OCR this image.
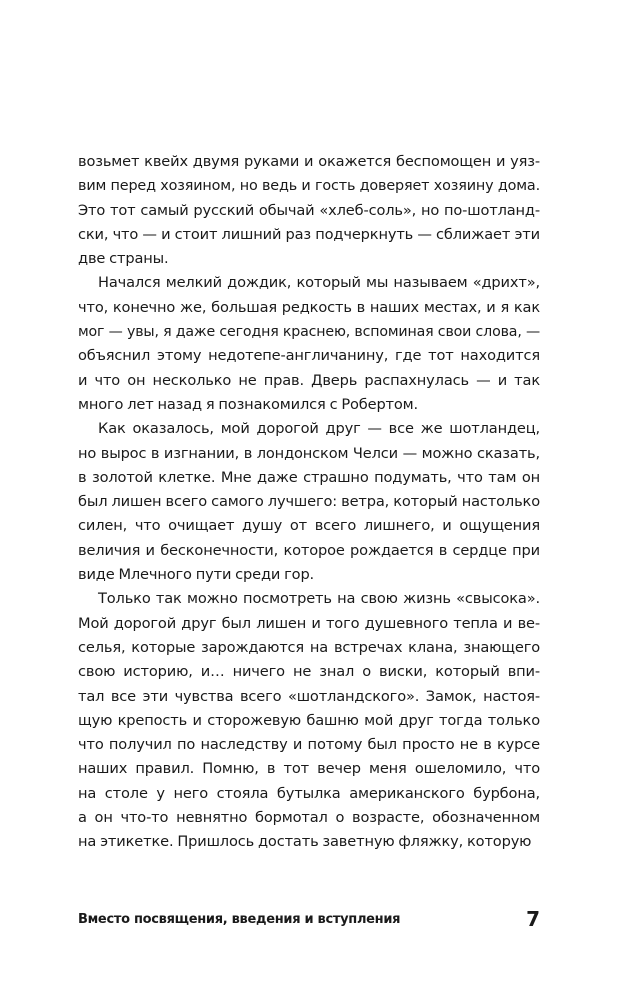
возьмет квейх двумя руками и окажется беспомощен и уяз-
вим перед хозяином, но ведь и гость доверяет хозяину дома.
Это тот самый русский обычай «хлеб-соль», но по-шотланд-
ски, что — и стоит лишний раз подчеркнуть — сближает эти
две страны.
Начался мелкий дождик, который мы называем «дрихт»,
что, конечно же, большая редкость в наших местах, и я как
мог — увы, я даже сегодня краснею, вспоминая свои слова, —
объяснил этому недотепе-англичанину, где тот находится
и что он несколько не прав. Дверь распахнулась — и так
много лет назад я познакомился с Робертом.
Как оказалось, мой дорогой друг — все же шотландец,
но вырос в изгнании, в лондонском Челси — можно сказать,
в золотой клетке. Мне даже страшно подумать, что там он
был лишен всего самого лучшего: ветра, который настолько
силен, что очищает душу от всего лишнего, и ощущения
величия и бесконечности, которое рождается в сердце при
виде Млечного пути среди гор.
Только так можно посмотреть на свою жизнь «свысока».
Мой дорогой друг был лишен и того душевного тепла и ве-
селья, которые зарождаются на встречах клана, знающего
свою историю, и… ничего не знал о виски, который впи-
тал все эти чувства всего «шотландского». Замок, настоя-
щую крепость и сторожевую башню мой друг тогда только
что получил по наследству и потому был просто не в курсе
наших правил. Помню, в тот вечер меня ошеломило, что
на столе у него стояла бутылка американского бурбона,
а он что-то невнятно бормотал о возрасте, обозначенном
на этикетке. Пришлось достать заветную фляжку, которую
Вместо посвящения, введения и вступления	7
